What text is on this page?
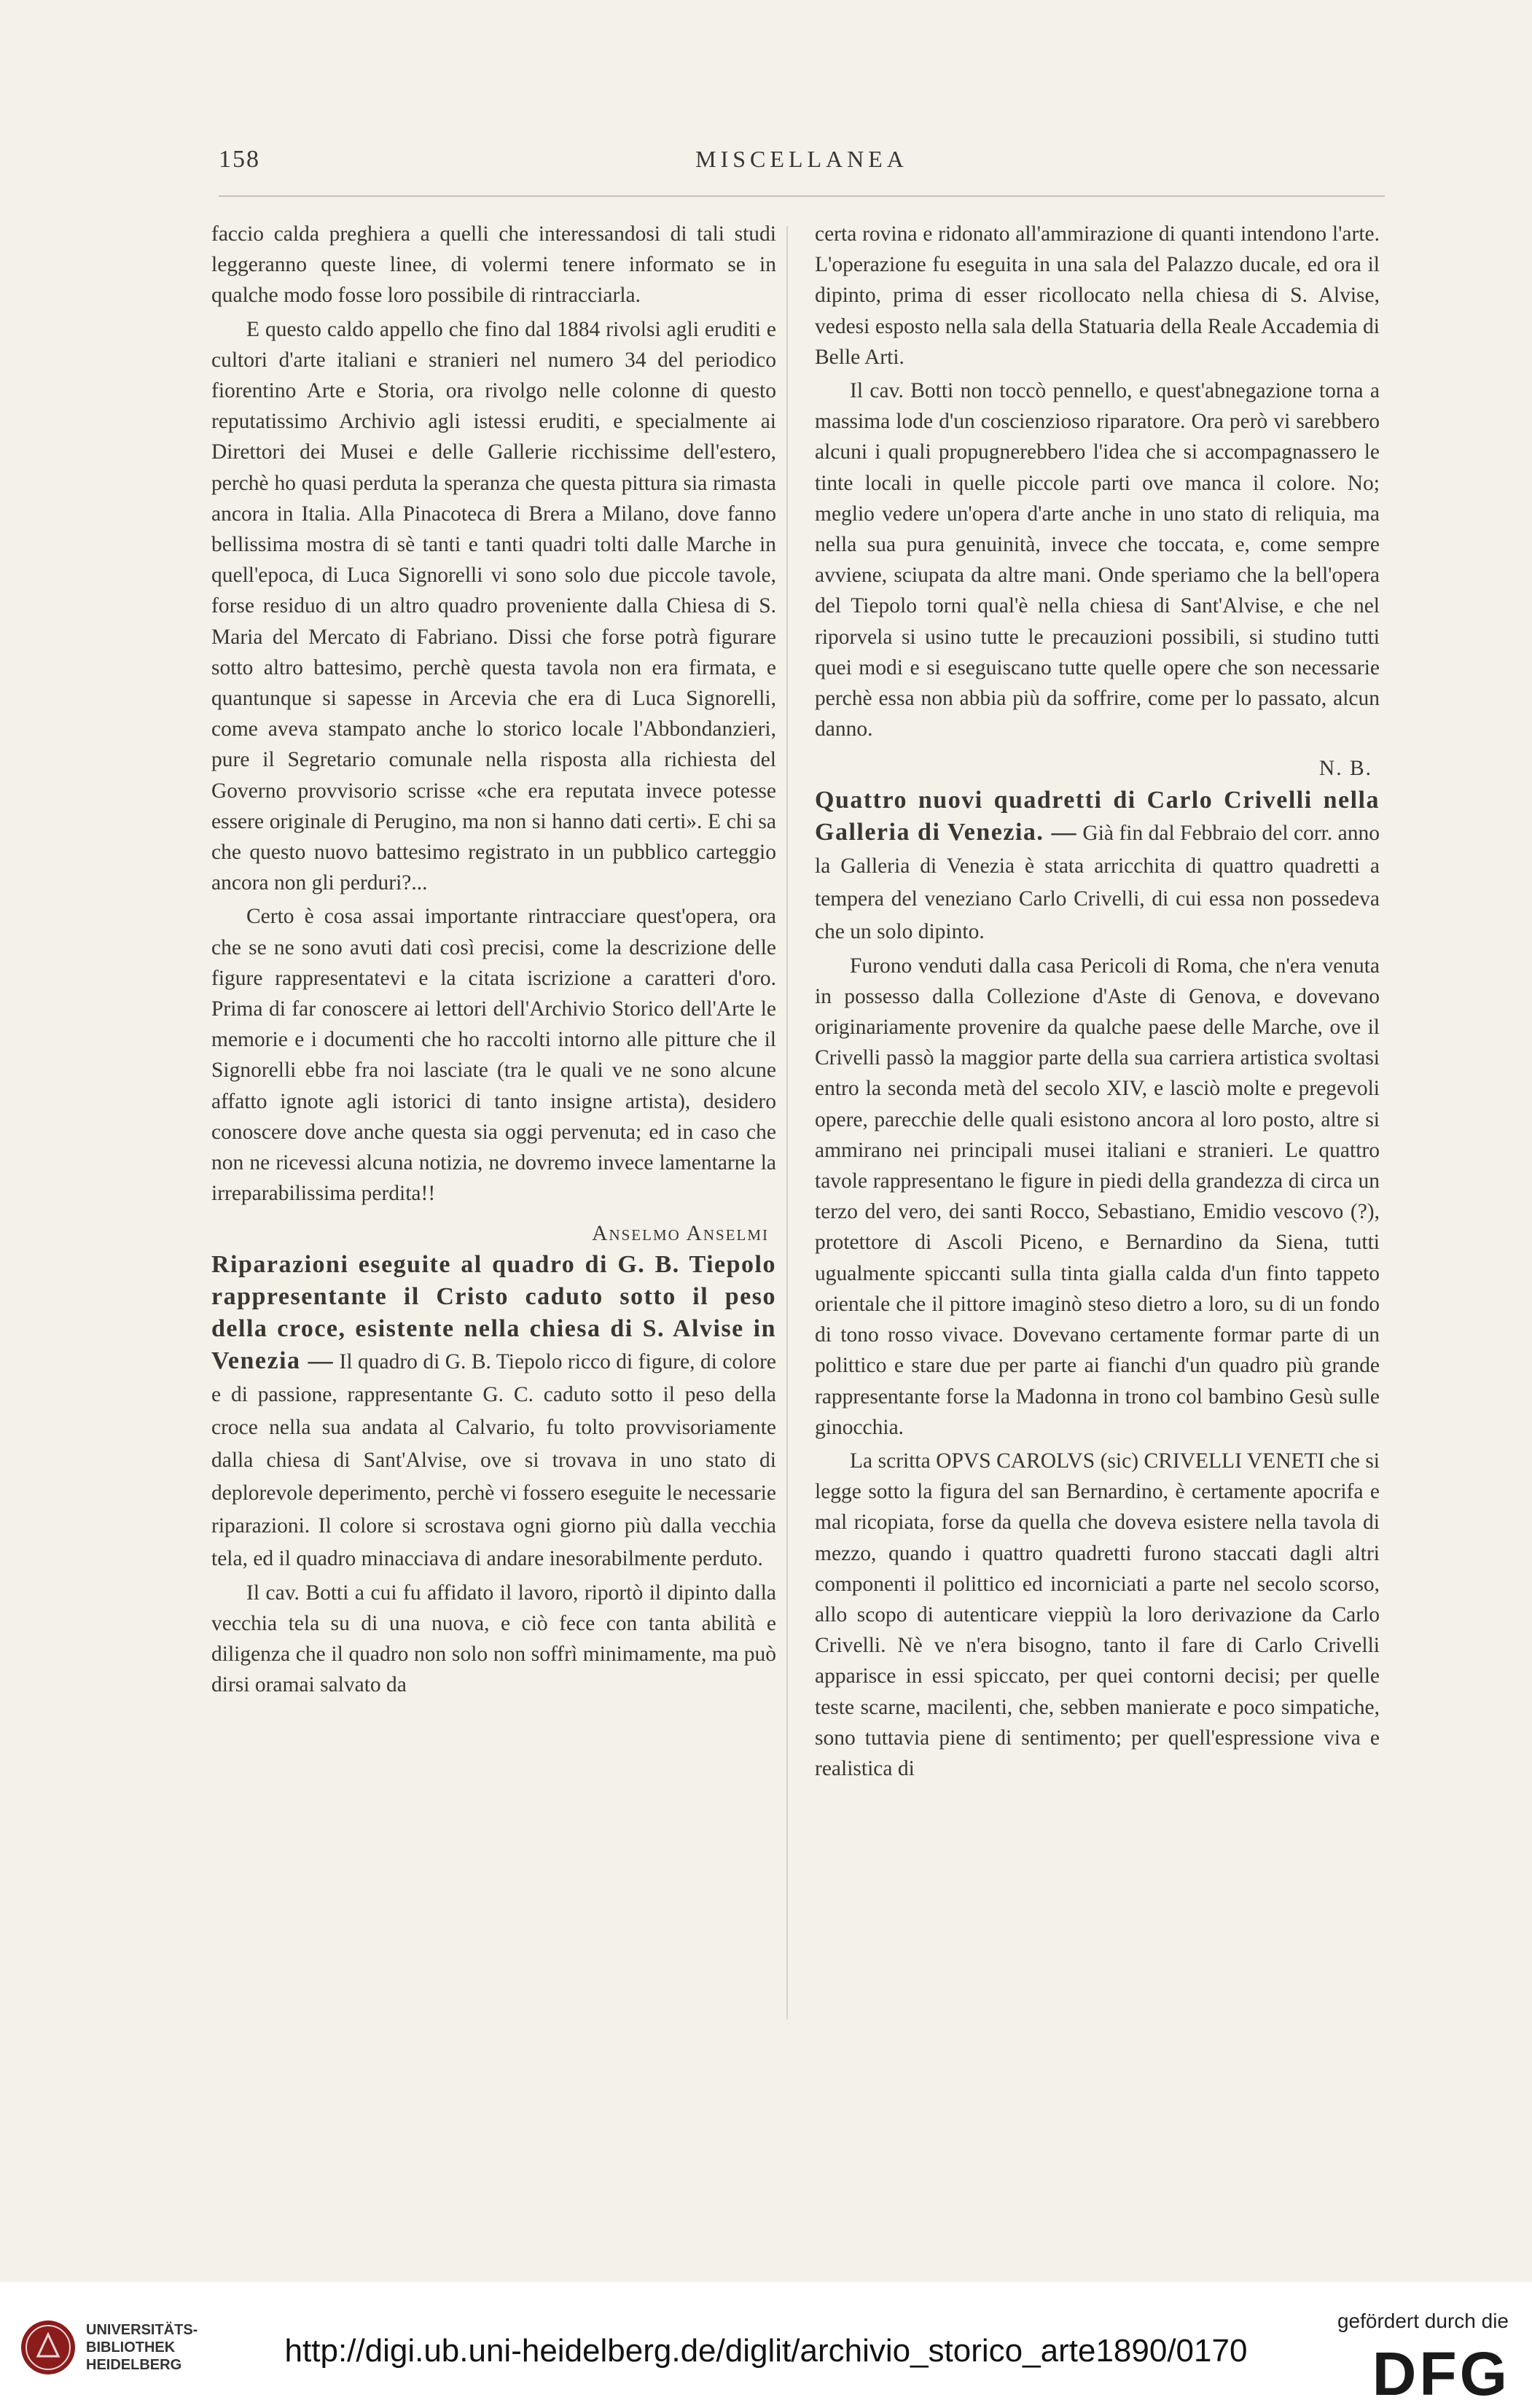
158	MISCELLANEA

faccio calda preghiera a quelli che interessandosi di tali studi leggeranno queste linee, di volermi tenere informato se in qualche modo fosse loro possibile di rintracciarla.

E questo caldo appello che fino dal 1884 rivolsi agli eruditi e cultori d'arte italiani e stranieri nel numero 34 del periodico fiorentino Arte e Storia, ora rivolgo nelle colonne di questo reputatissimo Archivio agli istessi eruditi, e specialmente ai Direttori dei Musei e delle Gallerie ricchissime dell'estero, perchè ho quasi perduta la speranza che questa pittura sia rimasta ancora in Italia. Alla Pinacoteca di Brera a Milano, dove fanno bellissima mostra di sè tanti e tanti quadri tolti dalle Marche in quell'epoca, di Luca Signorelli vi sono solo due piccole tavole, forse residuo di un altro quadro proveniente dalla Chiesa di S. Maria del Mercato di Fabriano. Dissi che forse potrà figurare sotto altro battesimo, perchè questa tavola non era firmata, e quantunque si sapesse in Arcevia che era di Luca Signorelli, come aveva stampato anche lo storico locale l'Abbondanzieri, pure il Segretario comunale nella risposta alla richiesta del Governo provvisorio scrisse «che era reputata invece potesse essere originale di Perugino, ma non si hanno dati certi». E chi sa che questo nuovo battesimo registrato in un pubblico carteggio ancora non gli perduri?...

Certo è cosa assai importante rintracciare quest'opera, ora che se ne sono avuti dati così precisi, come la descrizione delle figure rappresentatevi e la citata iscrizione a caratteri d'oro. Prima di far conoscere ai lettori dell'Archivio Storico dell'Arte le memorie e i documenti che ho raccolti intorno alle pitture che il Signorelli ebbe fra noi lasciate (tra le quali ve ne sono alcune affatto ignote agli istorici di tanto insigne artista), desidero conoscere dove anche questa sia oggi pervenuta; ed in caso che non ne ricevessi alcuna notizia, ne dovremo invece lamentarne la irreparabilissima perdita!!

Anselmo Anselmi

Riparazioni eseguite al quadro di G. B. Tiepolo rappresentante il Cristo caduto sotto il peso della croce, esistente nella chiesa di S. Alvise in Venezia — Il quadro di G. B. Tiepolo ricco di figure, di colore e di passione, rappresentante G. C. caduto sotto il peso della croce nella sua andata al Calvario, fu tolto provvisoriamente dalla chiesa di Sant'Alvise, ove si trovava in uno stato di deplorevole deperimento, perchè vi fossero eseguite le necessarie riparazioni. Il colore si scrostava ogni giorno più dalla vecchia tela, ed il quadro minacciava di andare inesorabilmente perduto.

Il cav. Botti a cui fu affidato il lavoro, riportò il dipinto dalla vecchia tela su di una nuova, e ciò fece con tanta abilità e diligenza che il quadro non solo non soffrì minimamente, ma può dirsi oramai salvato da

certa rovina e ridonato all'ammirazione di quanti intendono l'arte. L'operazione fu eseguita in una sala del Palazzo ducale, ed ora il dipinto, prima di esser ricollocato nella chiesa di S. Alvise, vedesi esposto nella sala della Statuaria della Reale Accademia di Belle Arti.

Il cav. Botti non toccò pennello, e quest'abnegazione torna a massima lode d'un coscienzioso riparatore. Ora però vi sarebbero alcuni i quali propugnerebbero l'idea che si accompagnassero le tinte locali in quelle piccole parti ove manca il colore. No; meglio vedere un'opera d'arte anche in uno stato di reliquia, ma nella sua pura genuinità, invece che toccata, e, come sempre avviene, sciupata da altre mani. Onde speriamo che la bell'opera del Tiepolo torni qual'è nella chiesa di Sant'Alvise, e che nel riporvela si usino tutte le precauzioni possibili, si studino tutti quei modi e si eseguiscano tutte quelle opere che son necessarie perchè essa non abbia più da soffrire, come per lo passato, alcun danno.

N. B.

Quattro nuovi quadretti di Carlo Crivelli nella Galleria di Venezia. — Già fin dal Febbraio del corr. anno la Galleria di Venezia è stata arricchita di quattro quadretti a tempera del veneziano Carlo Crivelli, di cui essa non possedeva che un solo dipinto.

Furono venduti dalla casa Pericoli di Roma, che n'era venuta in possesso dalla Collezione d'Aste di Genova, e dovevano originariamente provenire da qualche paese delle Marche, ove il Crivelli passò la maggior parte della sua carriera artistica svoltasi entro la seconda metà del secolo XIV, e lasciò molte e pregevoli opere, parecchie delle quali esistono ancora al loro posto, altre si ammirano nei principali musei italiani e stranieri. Le quattro tavole rappresentano le figure in piedi della grandezza di circa un terzo del vero, dei santi Rocco, Sebastiano, Emidio vescovo (?), protettore di Ascoli Piceno, e Bernardino da Siena, tutti ugualmente spiccanti sulla tinta gialla calda d'un finto tappeto orientale che il pittore imaginò steso dietro a loro, su di un fondo di tono rosso vivace. Dovevano certamente formar parte di un polittico e stare due per parte ai fianchi d'un quadro più grande rappresentante forse la Madonna in trono col bambino Gesù sulle ginocchia.

La scritta OPVS CAROLVS (sic) CRIVELLI VENETI che si legge sotto la figura del san Bernardino, è certamente apocrifa e mal ricopiata, forse da quella che doveva esistere nella tavola di mezzo, quando i quattro quadretti furono staccati dagli altri componenti il polittico ed incorniciati a parte nel secolo scorso, allo scopo di autenticare vieppiù la loro derivazione da Carlo Crivelli. Nè ve n'era bisogno, tanto il fare di Carlo Crivelli apparisce in essi spiccato, per quei contorni decisi; per quelle teste scarne, macilenti, che, sebben manierate e poco simpatiche, sono tuttavia piene di sentimento; per quell'espressione viva e realistica di

UNIVERSITÄTS-
BIBLIOTHEK
HEIDELBERG	http://digi.ub.uni-heidelberg.de/diglit/archivio_storico_arte1890/0170
gefördert durch die
DFG
